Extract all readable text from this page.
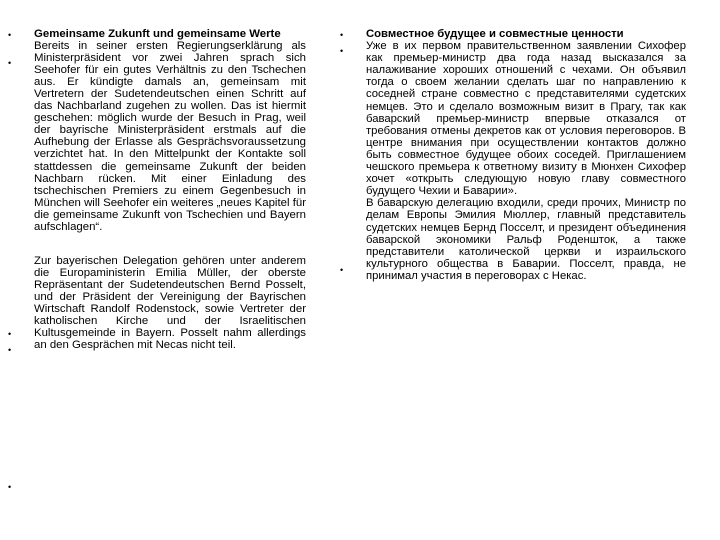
•
•
•
•
•
•
•
•

Gemeinsame Zukunft und gemeinsame Werte

Bereits in seiner ersten Regierungserklärung als Ministerpräsident vor zwei Jahren sprach sich Seehofer für ein gutes Verhältnis zu den Tschechen aus. Er kündigte damals an, gemeinsam mit Vertretern der Sudetendeutschen einen Schritt auf das Nachbarland zugehen zu wollen. Das ist hiermit geschehen: möglich wurde der Besuch in Prag, weil der bayrische Ministerpräsident erstmals auf die Aufhebung der Erlasse als Gesprächsvoraussetzung verzichtet hat. In den Mittelpunkt der Kontakte soll stattdessen die gemeinsame Zukunft der beiden Nachbarn rücken. Mit einer Einladung des tschechischen Premiers zu einem Gegenbesuch in München will Seehofer ein weiteres „neues Kapitel für die gemeinsame Zukunft von Tschechien und Bayern aufschlagen“.

Zur bayerischen Delegation gehören unter anderem die Europaministerin Emilia Müller, der oberste Repräsentant der Sudetendeutschen Bernd Posselt, und der Präsident der Vereinigung der Bayrischen Wirtschaft Randolf Rodenstock, sowie Vertreter der katholischen Kirche und der Israelitischen Kultusgemeinde in Bayern. Posselt nahm allerdings an den Gesprächen mit Necas nicht teil.

Совместное будущее и совместные ценности

Уже в их первом правительственном заявлении Сихофер как премьер-министр два года назад высказался за налаживание хороших отношений с чехами. Он объявил тогда о своем желании сделать шаг по направлению к соседней стране совместно с представителями судетских немцев. Это и сделало возможным визит в Прагу, так как баварский премьер-министр впервые отказался от требования отмены декретов как от условия переговоров. В центре внимания при осуществлении контактов должно быть совместное будущее обоих соседей. Приглашением чешского премьера к ответному визиту в Мюнхен Сихофер хочет «открыть следующую новую главу совместного будущего Чехии и Баварии».

В баварскую делегацию входили, среди прочих, Министр по делам Европы Эмилия Мюллер, главный представитель судетских немцев Бернд Посселт, и президент объединения баварской экономики Ральф Роденшток, а также представители католической церкви и израильского культурного общества в Баварии. Посселт, правда, не принимал участия в переговорах с Некас.
